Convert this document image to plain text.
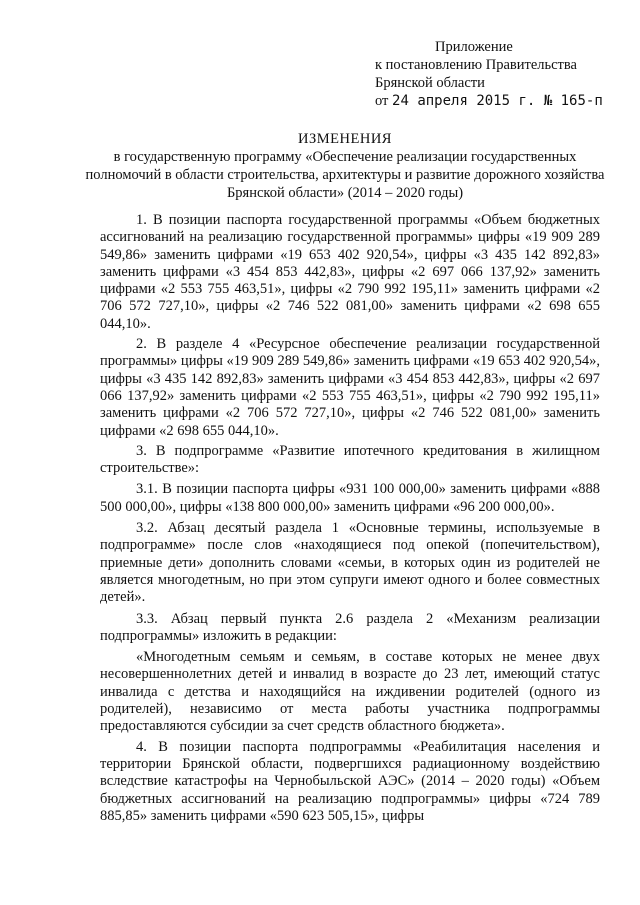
Приложение
к постановлению Правительства
Брянской области
от 24 апреля 2015 г. № 165-п
ИЗМЕНЕНИЯ
в государственную программу «Обеспечение реализации государственных полномочий в области строительства, архитектуры и развитие дорожного хозяйства Брянской области» (2014 – 2020 годы)

1. В позиции паспорта государственной программы «Объем бюджетных ассигнований на реализацию государственной программы» цифры «19 909 289 549,86» заменить цифрами «19 653 402 920,54», цифры «3 435 142 892,83» заменить цифрами «3 454 853 442,83», цифры «2 697 066 137,92» заменить цифрами «2 553 755 463,51», цифры «2 790 992 195,11» заменить цифрами «2 706 572 727,10», цифры «2 746 522 081,00» заменить цифрами «2 698 655 044,10».

2. В разделе 4 «Ресурсное обеспечение реализации государственной программы» цифры «19 909 289 549,86» заменить цифрами «19 653 402 920,54», цифры «3 435 142 892,83» заменить цифрами «3 454 853 442,83», цифры «2 697 066 137,92» заменить цифрами «2 553 755 463,51», цифры «2 790 992 195,11» заменить цифрами «2 706 572 727,10», цифры «2 746 522 081,00» заменить цифрами «2 698 655 044,10».

3. В подпрограмме «Развитие ипотечного кредитования в жилищном строительстве»:

3.1. В позиции паспорта цифры «931 100 000,00» заменить цифрами «888 500 000,00», цифры «138 800 000,00» заменить цифрами «96 200 000,00».

3.2. Абзац десятый раздела 1 «Основные термины, используемые в подпрограмме» после слов «находящиеся под опекой (попечительством), приемные дети» дополнить словами «семьи, в которых один из родителей не является многодетным, но при этом супруги имеют одного и более совместных детей».

3.3. Абзац первый пункта 2.6 раздела 2 «Механизм реализации подпрограммы» изложить в редакции:

«Многодетным семьям и семьям, в составе которых не менее двух несовершеннолетних детей и инвалид в возрасте до 23 лет, имеющий статус инвалида с детства и находящийся на иждивении родителей (одного из родителей), независимо от места работы участника подпрограммы предоставляются субсидии за счет средств областного бюджета».

4. В позиции паспорта подпрограммы «Реабилитация населения и территории Брянской области, подвергшихся радиационному воздействию вследствие катастрофы на Чернобыльской АЭС» (2014 – 2020 годы) «Объем бюджетных ассигнований на реализацию подпрограммы» цифры «724 789 885,85» заменить цифрами «590 623 505,15», цифры
